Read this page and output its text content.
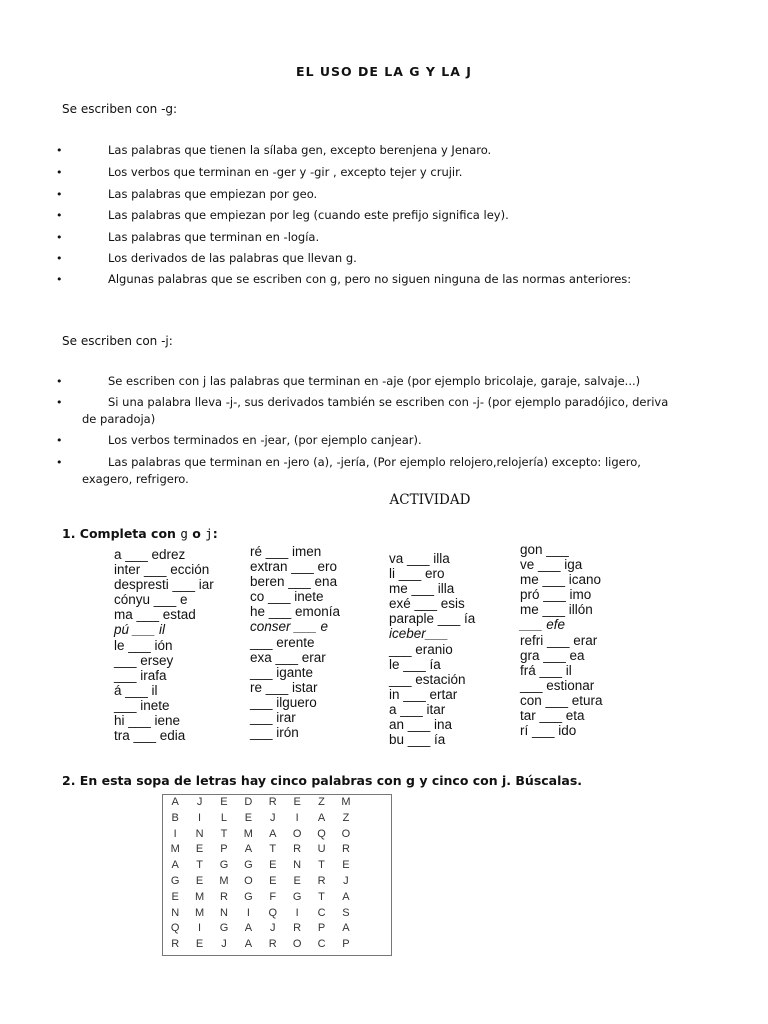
EL USO DE LA G Y LA J
Se escriben con -g:
•	Las palabras que tienen la sílaba gen, excepto berenjena y Jenaro.
•	Los verbos que terminan en -ger y -gir , excepto tejer y crujir.
•	Las palabras que empiezan por geo.
•	Las palabras que empiezan por leg (cuando este prefijo significa ley).
•	Las palabras que terminan en -logía.
•	Los derivados de las palabras que llevan g.
•	Algunas palabras que se escriben con g, pero no siguen ninguna de las normas anteriores:
Se escriben con -j:
•	Se escriben con j las palabras que terminan en -aje (por ejemplo bricolaje, garaje, salvaje...)
•	Si una palabra lleva -j-, sus derivados también se escriben con -j- (por ejemplo paradójico, deriva
de paradoja)
•	Los verbos terminados en -jear, (por ejemplo canjear).
•	Las palabras que terminan en -jero (a), -jería, (Por ejemplo relojero,relojería) excepto: ligero,
exagero, refrigero.
ACTIVIDAD
1. Completa con g o j:
a ___ edrez
inter ___ ección
despresti ___ iar
cónyu ___ e
ma ___ estad
pú ___ il
le ___ ión
___ ersey
___ irafa
á ___ il
___ inete
hi ___ iene
tra ___ edia
ré ___ imen
extran ___ ero
beren ___ ena
co ___ inete
he ___ emonía
conser ___ e
___ erente
exa ___ erar
___ igante
re ___ istar
___ ilguero
___ irar
___ irón
va ___ illa
li ___ ero
me ___ illa
exé ___ esis
paraple ___ ía
iceber___
___ eranio
le ___ ía
___ estación
in ___ ertar
a ___ itar
an ___ ina
bu ___ ía
gon ___
ve ___ iga
me ___ icano
pró ___ imo
me ___ illón
___ efe
refri ___ erar
gra ___ ea
frá ___ il
___ estionar
con ___ etura
tar ___ eta
rí ___ ido
2. En esta sopa de letras hay cinco palabras con g y cinco con j. Búscalas.
A	J	E	D	R	E	Z	M
B	I	L	E	J	I	A	Z
I	N	T	M	A	O	Q	O
M	E	P	A	T	R	U	R
A	T	G	G	E	N	T	E
G	E	M	O	E	E	R	J
E	M	R	G	F	G	T	A
N	M	N	I	Q	I	C	S
Q	I	G	A	J	R	P	A
R	E	J	A	R	O	C	P
